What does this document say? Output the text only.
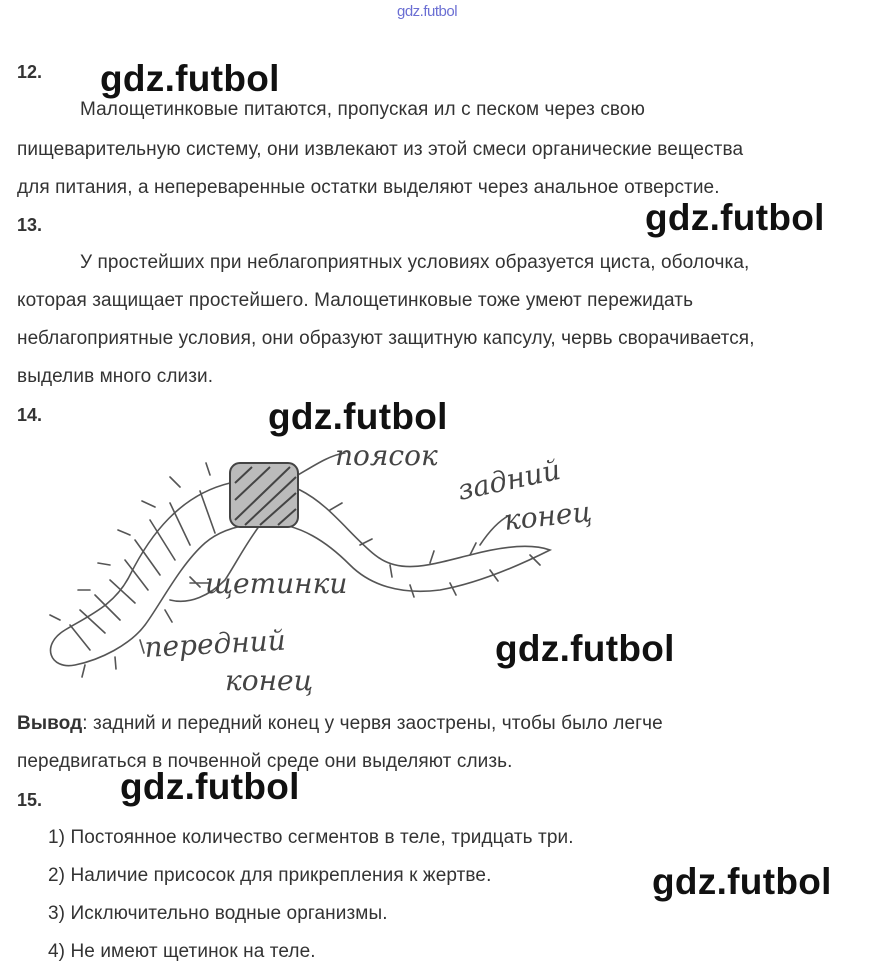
gdz.futbol
12. gdz.futbol
Малощетинковые питаются, пропуская ил с песком через свою
пищеварительную систему, они извлекают из этой смеси органические вещества
для питания, а непереваренные остатки выделяют через анальное отверстие.
13.	gdz.futbol
У простейших при неблагоприятных условиях образуется циста, оболочка,
которая защищает простейшего. Малощетинковые тоже умеют пережидать
неблагоприятные условия, они образуют защитную капсулу, червь сворачивается,
выделив много слизи.
14.	gdz.futbol
поясок задний
конец
щетинки
передний
конец
gdz.futbol
Вывод: задний и передний конец у червя заострены, чтобы было легче
передвигаться в почвенной среде они выделяют слизь.
15. gdz.futbol
1) Постоянное количество сегментов в теле, тридцать три.
2) Наличие присосок для прикрепления к жертве.	gdz.futbol
3) Исключительно водные организмы.
4) Не имеют щетинок на теле.
